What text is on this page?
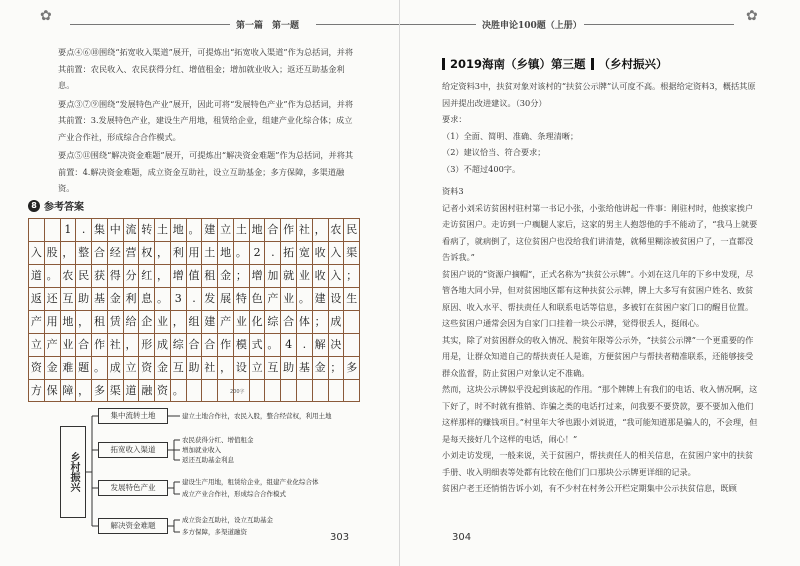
✿
第一篇　第一题

要点④⑥⑩围绕“拓宽收入渠道”展开，可提炼出“拓宽收入渠道”作为总括词，并将其前置：农民收入、农民获得分红、增值租金；增加就业收入；返还互助基金利息。

要点③⑦⑨围绕“发展特色产业”展开，因此可将“发展特色产业”作为总括词，并将其前置：3.发展特色产业，建设生产用地，租赁给企业，组建产业化综合体；成立产业合作社，形成综合合作模式。

要点⑤⑪围绕“解决资金难题”展开，可提炼出“解决资金难题”作为总括词，并将其前置：4.解决资金难题，成立资金互助社，设立互助基金；多方保障，多渠道融资。

8 参考答案
1 . 集 中 流 转 土 地 。 建 立 土 地 合 作 社 ， 农 民
入 股 ， 整 合 经 营 权 ， 利 用 土 地 。 2 . 拓 宽 收 入 渠
道 。 农 民 获 得 分 红 ， 增 值 租 金 ； 增 加 就 业 收 入 ；
返 还 互 助 基 金 利 息 。 3 . 发 展 特 色 产 业 。 建 设 生
产 用 地 ， 租 赁 给 企 业 ， 组 建 产 业 化 综 合 体 ； 成
立 产 业 合 作 社 ， 形 成 综 合 合 作 模 式 。 4 . 解 决
资 金 难 题 。 成 立 资 金 互 助 社 ， 设 立 互 助 基 金 ； 多
方 保 障 ， 多 渠 道 融 资 。	200字
乡村振兴
集中流转土地	建立土地合作社，农民入股，整合经营权，利用土地
拓宽收入渠道
农民获得分红、增值租金
增加就业收入
返还互助基金利息
发展特色产业
建设生产用地，租赁给企业，组建产业化综合体
成立产业合作社，形成综合合作模式
解决资金难题
成立资金互助社，设立互助基金
多方保障，多渠道融资	303
决胜申论100题（上册）
✿
2019海南（乡镇）第三题 （乡村振兴）

给定资料3中，扶贫对象对该村的“扶贫公示牌”认可度不高。根据给定资料3，概括其原因并提出改进建议。（30分）

要求：

（1）全面、简明、准确、条理清晰；

（2）建议恰当、符合要求；

（3）不超过400字。

资料3

记者小刘采访贫困村驻村第一书记小张，小张给他讲起一件事：刚驻村时，他挨家挨户走访贫困户。走访到一户瘸腿人家后，这家的男主人抱怨他的手不能动了，“我马上就要看病了，就病倒了，这位贫困户也没给我们讲清楚，就稀里糊涂被贫困户了，一直都没告诉我。”

贫困户说的“资源户摘帽”，正式名称为“扶贫公示牌”。小刘在这几年的下乡中发现，尽管各地大同小异，但对贫困地区都有这种扶贫公示牌，牌上大多写有贫困户姓名、致贫原因、收入水平、帮扶责任人和联系电话等信息，多被钉在贫困户家门口的醒目位置。这些贫困户通常会因为自家门口挂着一块公示牌，觉得很丢人，挺闹心。

其实，除了对贫困群众的收入情况、脱贫年限等公示外，“扶贫公示牌”一个更重要的作用是，让群众知道自己的帮扶责任人是谁，方便贫困户与帮扶者精准联系，还能够接受群众监督，防止贫困户对象认定不准确。

然而，这块公示牌似乎没起到该起的作用。“那个牌牌上有我们的电话、收入情况啊，这下好了，时不时就有推销、诈骗之类的电话打过来，问我要不要贷款，要不要加入他们这样那样的赚钱项目。”村里年大爷也跟小刘说道，“我可能知道那是骗人的，不会理，但是每天接好几个这样的电话，闹心！”

小刘走访发现，一般来说，关于贫困户，帮扶责任人的相关信息，在贫困户家中的扶贫手册、收入明细表等处都有比较在他们门口那块公示牌更详细的记录。

贫困户老王还悄悄告诉小刘，有不少村在村务公开栏定期集中公示扶贫信息，既顾

304
